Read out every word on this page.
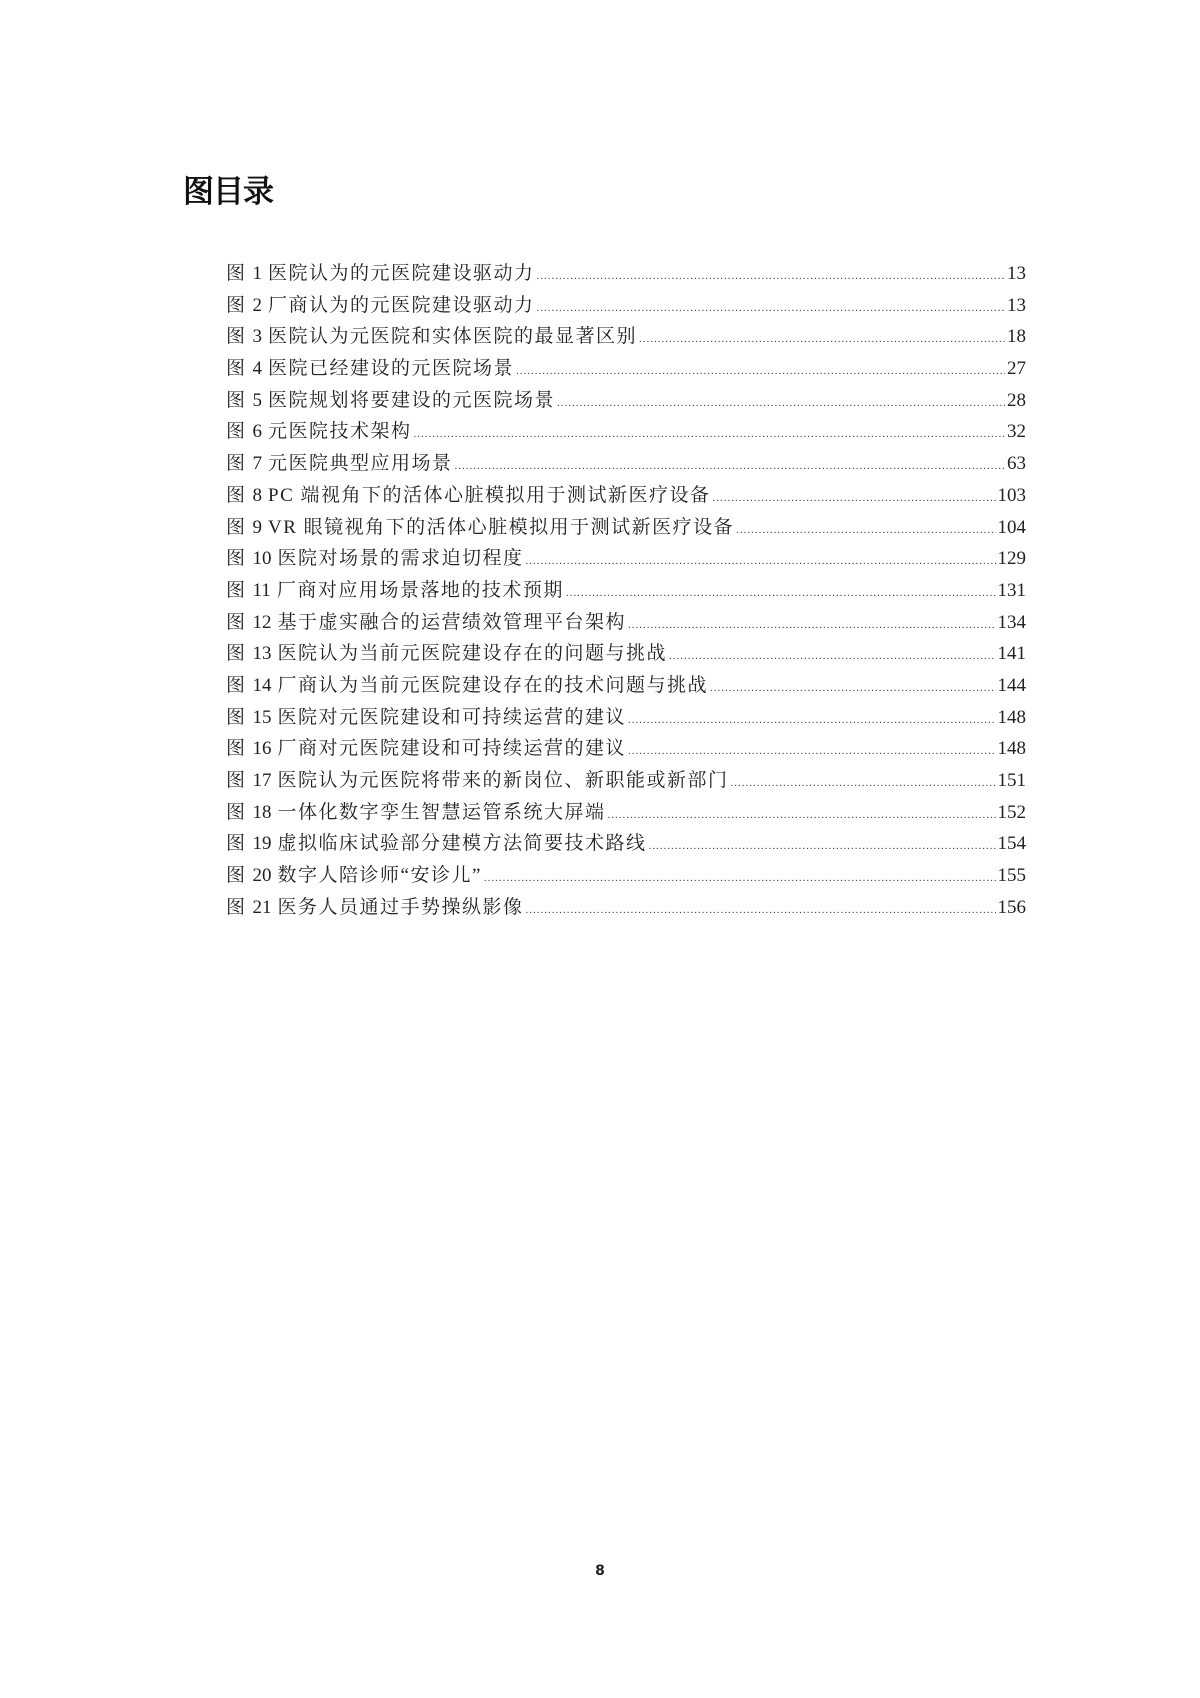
图目录
图 1 医院认为的元医院建设驱动力 .....	13
图 2 厂商认为的元医院建设驱动力 .....	13
图 3 医院认为元医院和实体医院的最显著区别 .....	18
图 4 医院已经建设的元医院场景 .....	27
图 5 医院规划将要建设的元医院场景 .....	28
图 6 元医院技术架构 .....	32
图 7 元医院典型应用场景 .....	63
图 8 PC 端视角下的活体心脏模拟用于测试新医疗设备 .....	103
图 9 VR 眼镜视角下的活体心脏模拟用于测试新医疗设备 .....	104
图 10 医院对场景的需求迫切程度 .....	129
图 11 厂商对应用场景落地的技术预期 .....	131
图 12 基于虚实融合的运营绩效管理平台架构 .....	134
图 13 医院认为当前元医院建设存在的问题与挑战 .....	141
图 14 厂商认为当前元医院建设存在的技术问题与挑战 .....	144
图 15 医院对元医院建设和可持续运营的建议 .....	148
图 16 厂商对元医院建设和可持续运营的建议 .....	148
图 17 医院认为元医院将带来的新岗位、新职能或新部门 .....	151
图 18 一体化数字孪生智慧运管系统大屏端 .....	152
图 19 虚拟临床试验部分建模方法简要技术路线 .....	154
图 20 数字人陪诊师“安诊儿” .....	155
图 21 医务人员通过手势操纵影像 .....	156
8
